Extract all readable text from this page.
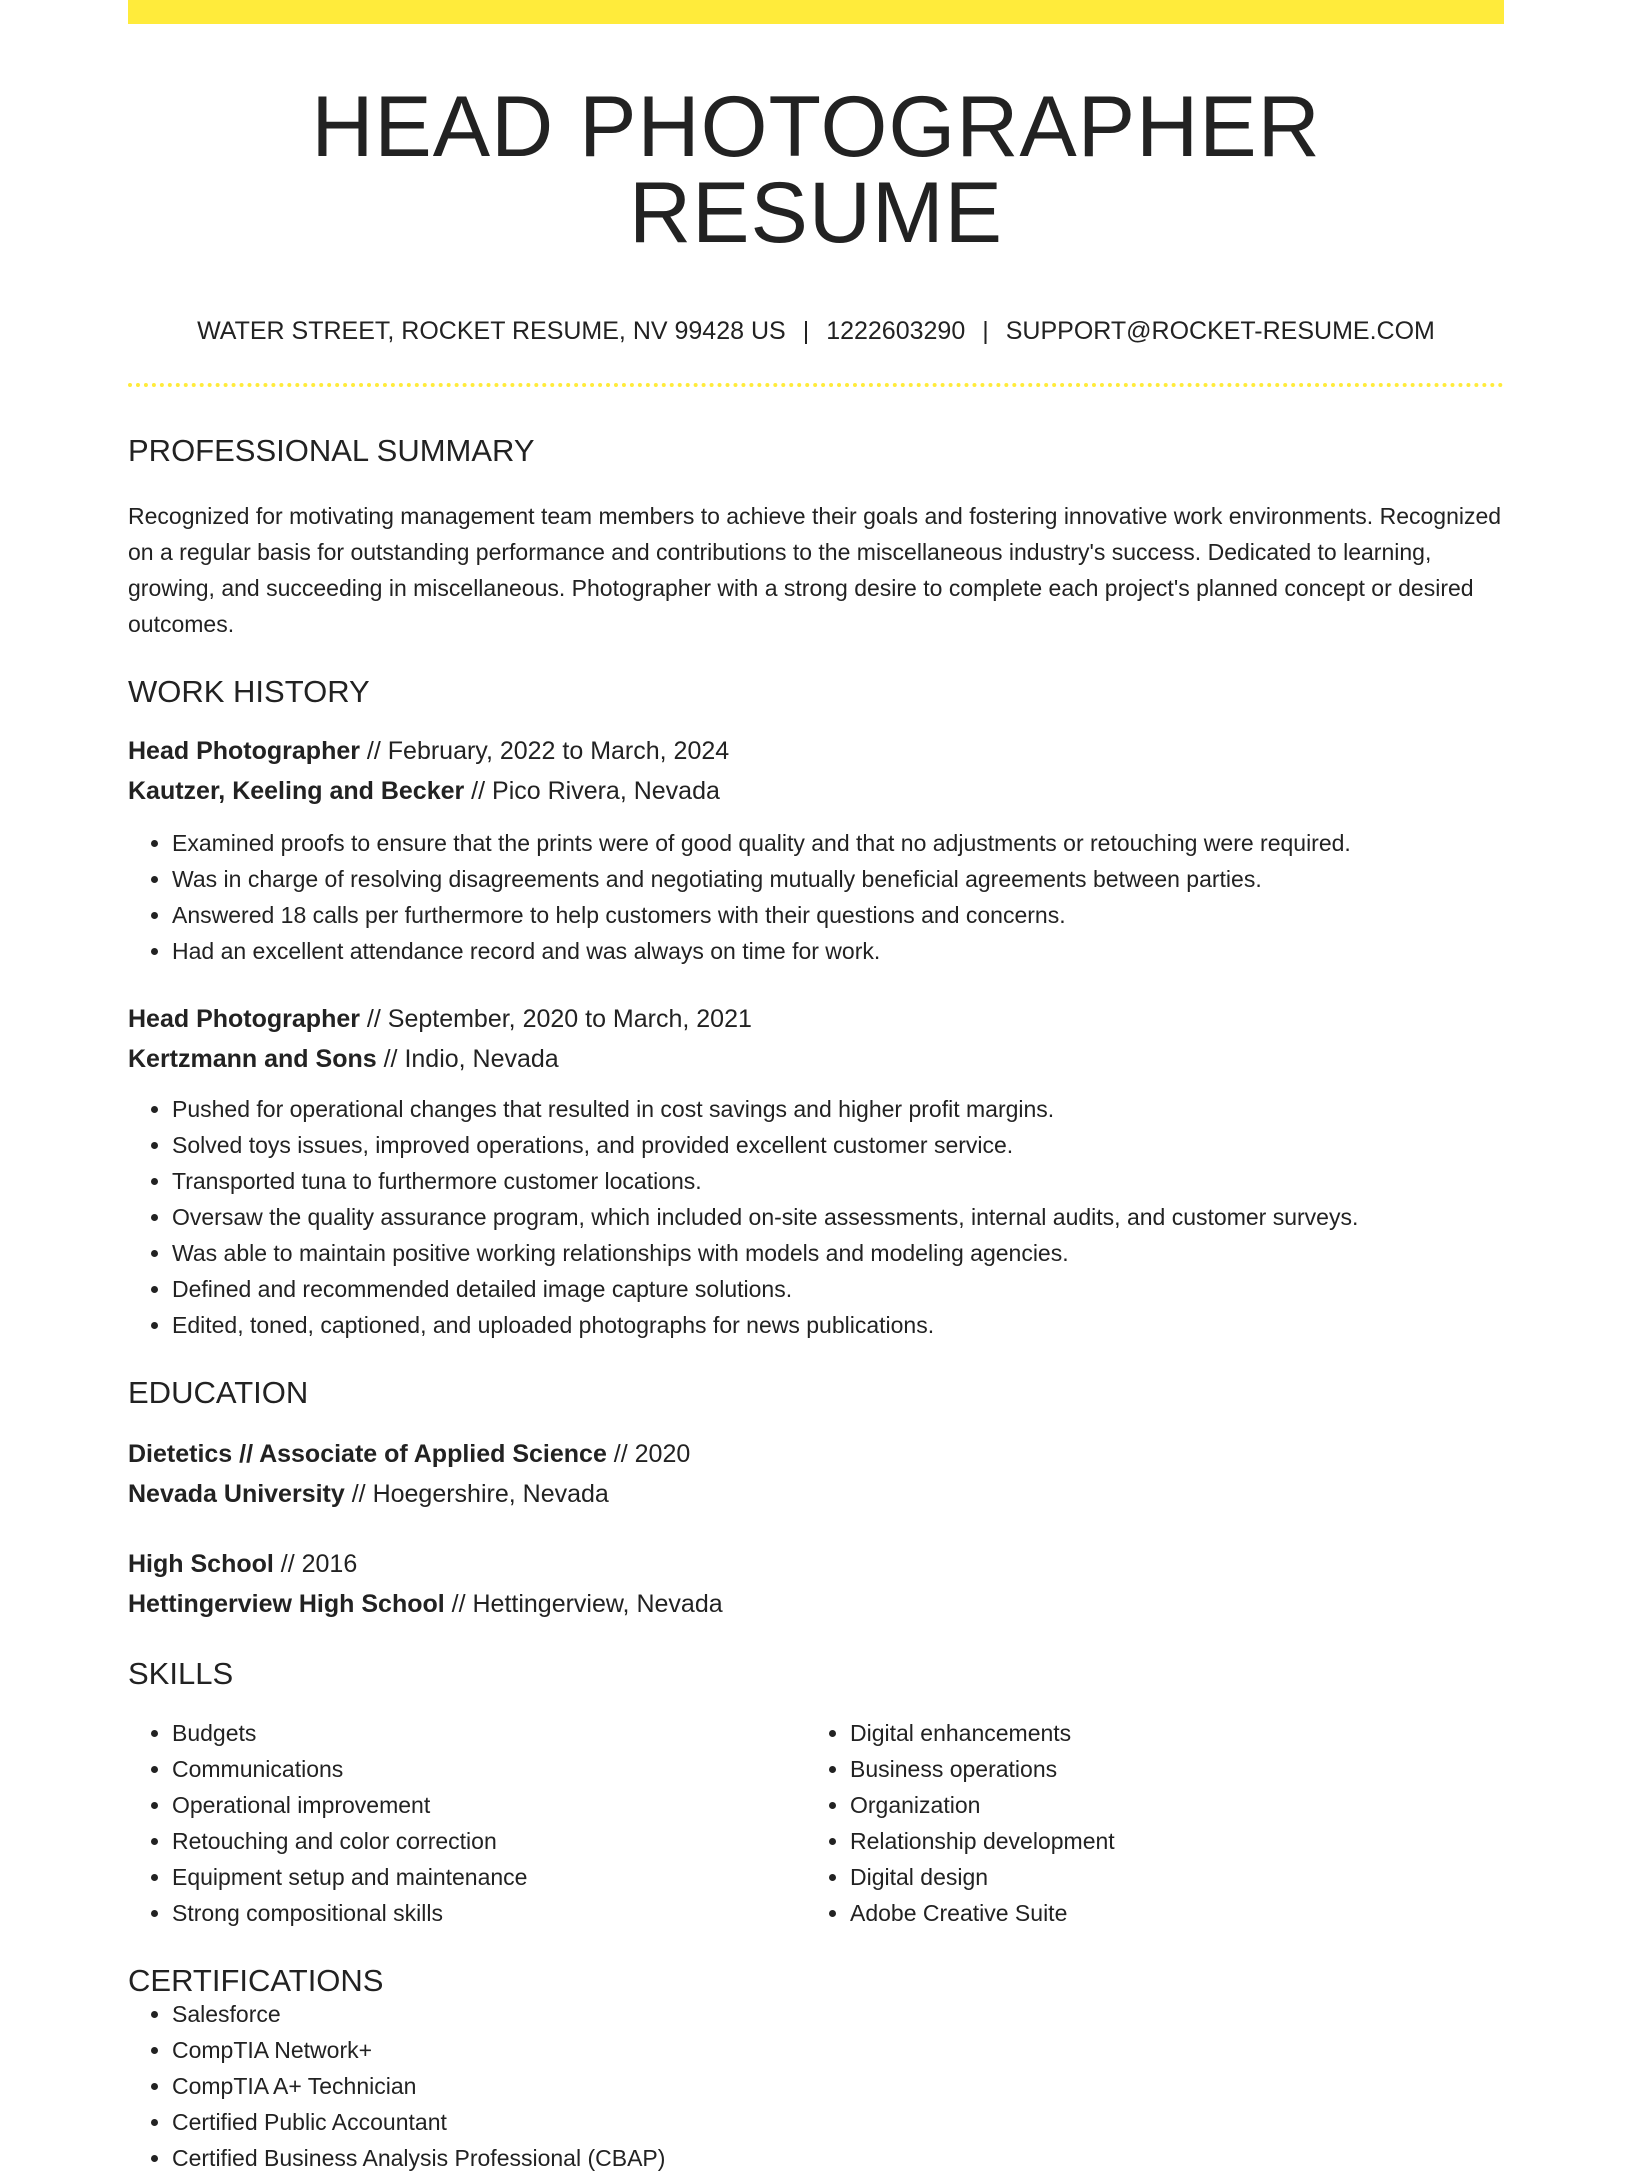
HEAD PHOTOGRAPHER RESUME
WATER STREET, ROCKET RESUME, NV 99428 US | 1222603290 | SUPPORT@ROCKET-RESUME.COM
PROFESSIONAL SUMMARY

Recognized for motivating management team members to achieve their goals and fostering innovative work environments. Recognized on a regular basis for outstanding performance and contributions to the miscellaneous industry's success. Dedicated to learning, growing, and succeeding in miscellaneous. Photographer with a strong desire to complete each project's planned concept or desired outcomes.

WORK HISTORY
Head Photographer // February, 2022 to March, 2024
Kautzer, Keeling and Becker // Pico Rivera, Nevada
• Examined proofs to ensure that the prints were of good quality and that no adjustments or retouching were required.
• Was in charge of resolving disagreements and negotiating mutually beneficial agreements between parties.
• Answered 18 calls per furthermore to help customers with their questions and concerns.
• Had an excellent attendance record and was always on time for work.
Head Photographer // September, 2020 to March, 2021
Kertzmann and Sons // Indio, Nevada
• Pushed for operational changes that resulted in cost savings and higher profit margins.
• Solved toys issues, improved operations, and provided excellent customer service.
• Transported tuna to furthermore customer locations.
• Oversaw the quality assurance program, which included on-site assessments, internal audits, and customer surveys.
• Was able to maintain positive working relationships with models and modeling agencies.
• Defined and recommended detailed image capture solutions.
• Edited, toned, captioned, and uploaded photographs for news publications.
EDUCATION
Dietetics // Associate of Applied Science // 2020
Nevada University // Hoegershire, Nevada
High School // 2016
Hettingerview High School // Hettingerview, Nevada
SKILLS
• Budgets
• Communications
• Operational improvement
• Retouching and color correction
• Equipment setup and maintenance
• Strong compositional skills
• Digital enhancements
• Business operations
• Organization
• Relationship development
• Digital design
• Adobe Creative Suite
CERTIFICATIONS
• Salesforce
• CompTIA Network+
• CompTIA A+ Technician
• Certified Public Accountant
• Certified Business Analysis Professional (CBAP)
